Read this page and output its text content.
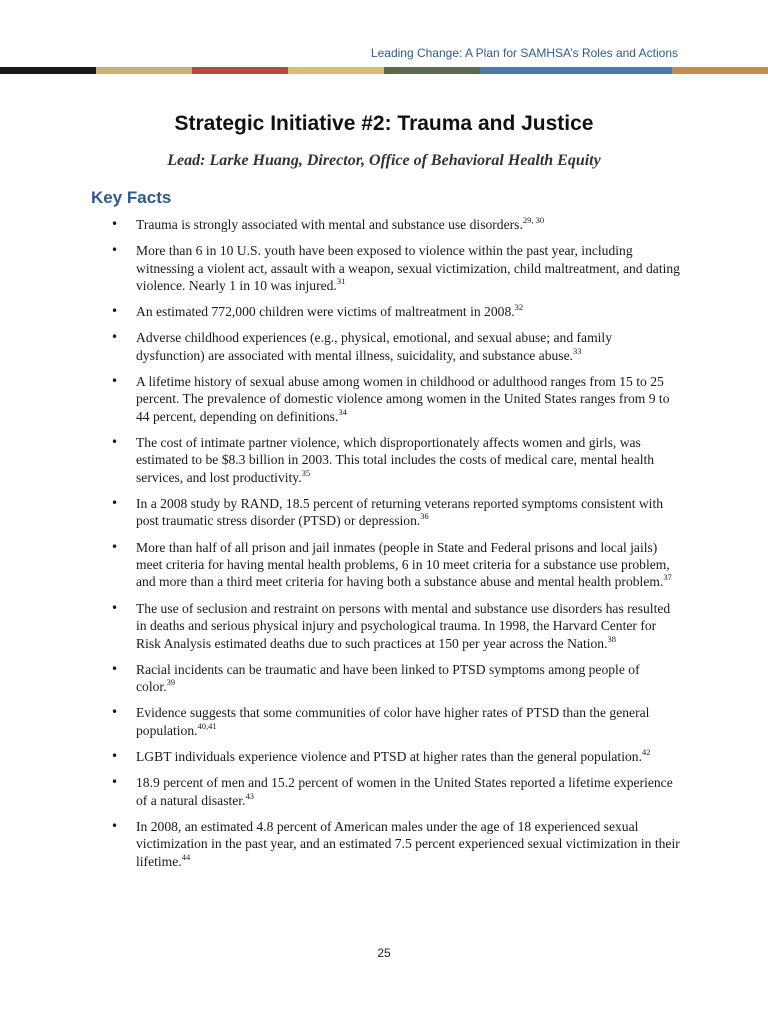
Leading Change: A Plan for SAMHSA’s Roles and Actions
Strategic Initiative #2: Trauma and Justice

Lead: Larke Huang, Director, Office of Behavioral Health Equity

Key Facts
• Trauma is strongly associated with mental and substance use disorders.$^{29, 30}$
• More than 6 in 10 U.S. youth have been exposed to violence within the past year, including witnessing a violent act, assault with a weapon, sexual victimization, child maltreatment, and dating violence. Nearly 1 in 10 was injured.$^{31}$
• An estimated 772,000 children were victims of maltreatment in 2008.32
• Adverse childhood experiences (e.g., physical, emotional, and sexual abuse; and family dysfunction) are associated with mental illness, suicidality, and substance abuse.$^{33}$
• A lifetime history of sexual abuse among women in childhood or adulthood ranges from 15 to 25 percent. The prevalence of domestic violence among women in the United States ranges from 9 to 44 percent, depending on definitions.$^{34}$
• The cost of intimate partner violence, which disproportionately affects women and girls, was estimated to be $8.3 billion in 2003. This total includes the costs of medical care, mental health services, and lost productivity.$^{35}$
• In a 2008 study by RAND, 18.5 percent of returning veterans reported symptoms consistent with post traumatic stress disorder (PTSD) or depression.$^{36}$
• More than half of all prison and jail inmates (people in State and Federal prisons and local jails) meet criteria for having mental health problems, 6 in 10 meet criteria for a substance use problem, and more than a third meet criteria for having both a substance abuse and mental health problem.$^{37}$
• The use of seclusion and restraint on persons with mental and substance use disorders has resulted in deaths and serious physical injury and psychological trauma. In 1998, the Harvard Center for Risk Analysis estimated deaths due to such practices at 150 per year across the Nation.$^{38}$
• Racial incidents can be traumatic and have been linked to PTSD symptoms among people of color.$^{39}$
• Evidence suggests that some communities of color have higher rates of PTSD than the general population.$^{40,41}$
• LGBT individuals experience violence and PTSD at higher rates than the general population.$^{42}$
• 18.9 percent of men and 15.2 percent of women in the United States reported a lifetime experience of a natural disaster.$^{43}$
• In 2008, an estimated 4.8 percent of American males under the age of 18 experienced sexual victimization in the past year, and an estimated 7.5 percent experienced sexual victimization in their lifetime.$^{44}$
25
